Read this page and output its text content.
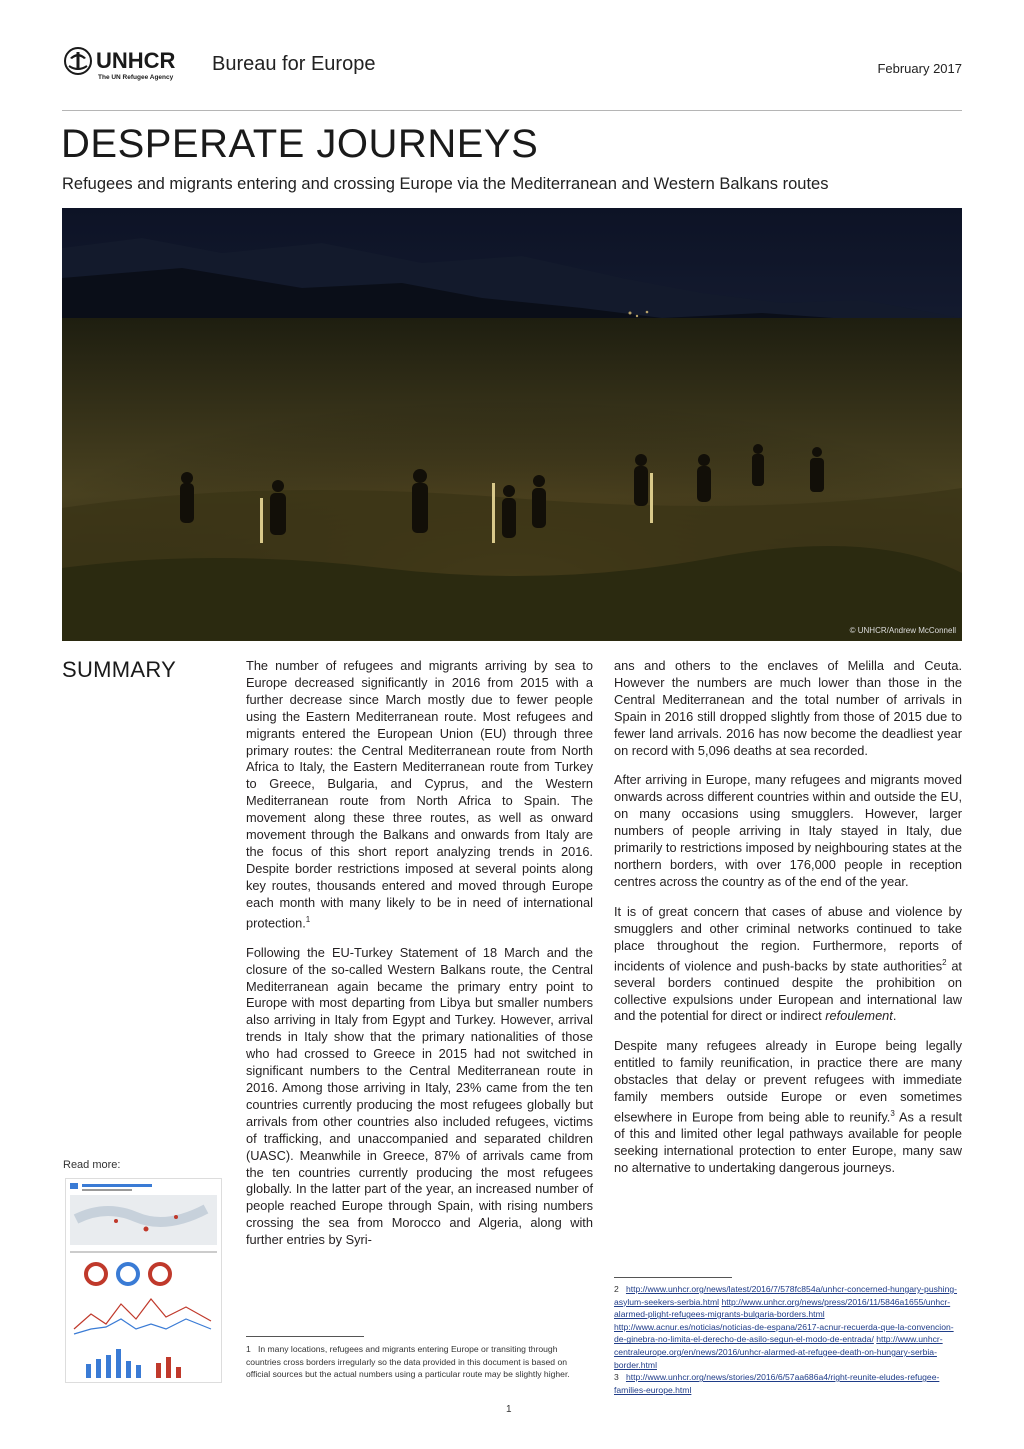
UNHCR
The UN Refugee Agency
Bureau for Europe	February 2017
DESPERATE JOURNEYS
Refugees and migrants entering and crossing Europe via the Mediterranean and Western Balkans routes
© UNHCR/Andrew McConnell
SUMMARY	The number of refugees and migrants arriving by sea to Europe decreased significantly in 2016 from 2015 with a further decrease since March mostly due to fewer people using the Eastern Mediterranean route. Most refugees and migrants entered the European Union (EU) through three primary routes: the Central Mediterranean route from North Africa to Italy, the Eastern Mediterranean route from Turkey to Greece, Bulgaria, and Cyprus, and the Western Mediterranean route from North Africa to Spain. The movement along these three routes, as well as onward movement through the Balkans and onwards from Italy are the focus of this short report analyzing trends in 2016. Despite border restrictions imposed at several points along key routes, thousands entered and moved through Europe each month with many likely to be in need of international protection.$^1$

Following the EU-Turkey Statement of 18 March and the closure of the so-called Western Balkans route, the Central Mediterranean again became the primary entry point to Europe with most departing from Libya but smaller numbers also arriving in Italy from Egypt and Turkey. However, arrival trends in Italy show that the primary nationalities of those who had crossed to Greece in 2015 had not switched in significant numbers to the Central Mediterranean route in 2016. Among those arriving in Italy, 23% came from the ten countries currently producing the most refugees globally but arrivals from other countries also included refugees, victims of trafficking, and unaccompanied and separated children (UASC). Meanwhile in Greece, 87% of arrivals came from the ten countries currently producing the most refugees globally. In the latter part of the year, an increased number of people reached Europe through Spain, with rising numbers crossing the sea from Morocco and Algeria, along with further entries by Syri-

ans and others to the enclaves of Melilla and Ceuta. However the numbers are much lower than those in the Central Mediterranean and the total number of arrivals in Spain in 2016 still dropped slightly from those of 2015 due to fewer land arrivals. 2016 has now become the deadliest year on record with 5,096 deaths at sea recorded.

After arriving in Europe, many refugees and migrants moved onwards across different countries within and outside the EU, on many occasions using smugglers. However, larger numbers of people arriving in Italy stayed in Italy, due primarily to restrictions imposed by neighbouring states at the northern borders, with over 176,000 people in reception centres across the country as of the end of the year.

It is of great concern that cases of abuse and violence by smugglers and other criminal networks continued to take place throughout the region. Furthermore, reports of incidents of violence and push-backs by state authorities$^2$ at several borders continued despite the prohibition on collective expulsions under European and international law and the potential for direct or indirect refoulement.

Despite many refugees already in Europe being legally entitled to family reunification, in practice there are many obstacles that delay or prevent refugees with immediate family members outside Europe or even sometimes elsewhere in Europe from being able to reunify.$^3$ As a result of this and limited other legal pathways available for people seeking international protection to enter Europe, many saw no alternative to undertaking dangerous journeys.

Read more:
1 In many locations, refugees and migrants entering Europe or transiting through countries cross borders irregularly so the data provided in this document is based on official sources but the actual numbers using a particular route may be slightly higher.
2 http://www.unhcr.org/news/latest/2016/7/578fc854a/unhcr-concerned-hungary-pushing-asylum-seekers-serbia.html http://www.unhcr.org/news/press/2016/11/5846a1655/unhcr-alarmed-plight-refugees-migrants-bulgaria-borders.html http://www.acnur.es/noticias/noticias-de-espana/2617-acnur-recuerda-que-la-convencion-de-ginebra-no-limita-el-derecho-de-asilo-segun-el-modo-de-entrada/ http://www.unhcr-centraleurope.org/en/news/2016/unhcr-alarmed-at-refugee-death-on-hungary-serbia-border.html
3 http://www.unhcr.org/news/stories/2016/6/57aa686a4/right-reunite-eludes-refugee-families-europe.html
1
